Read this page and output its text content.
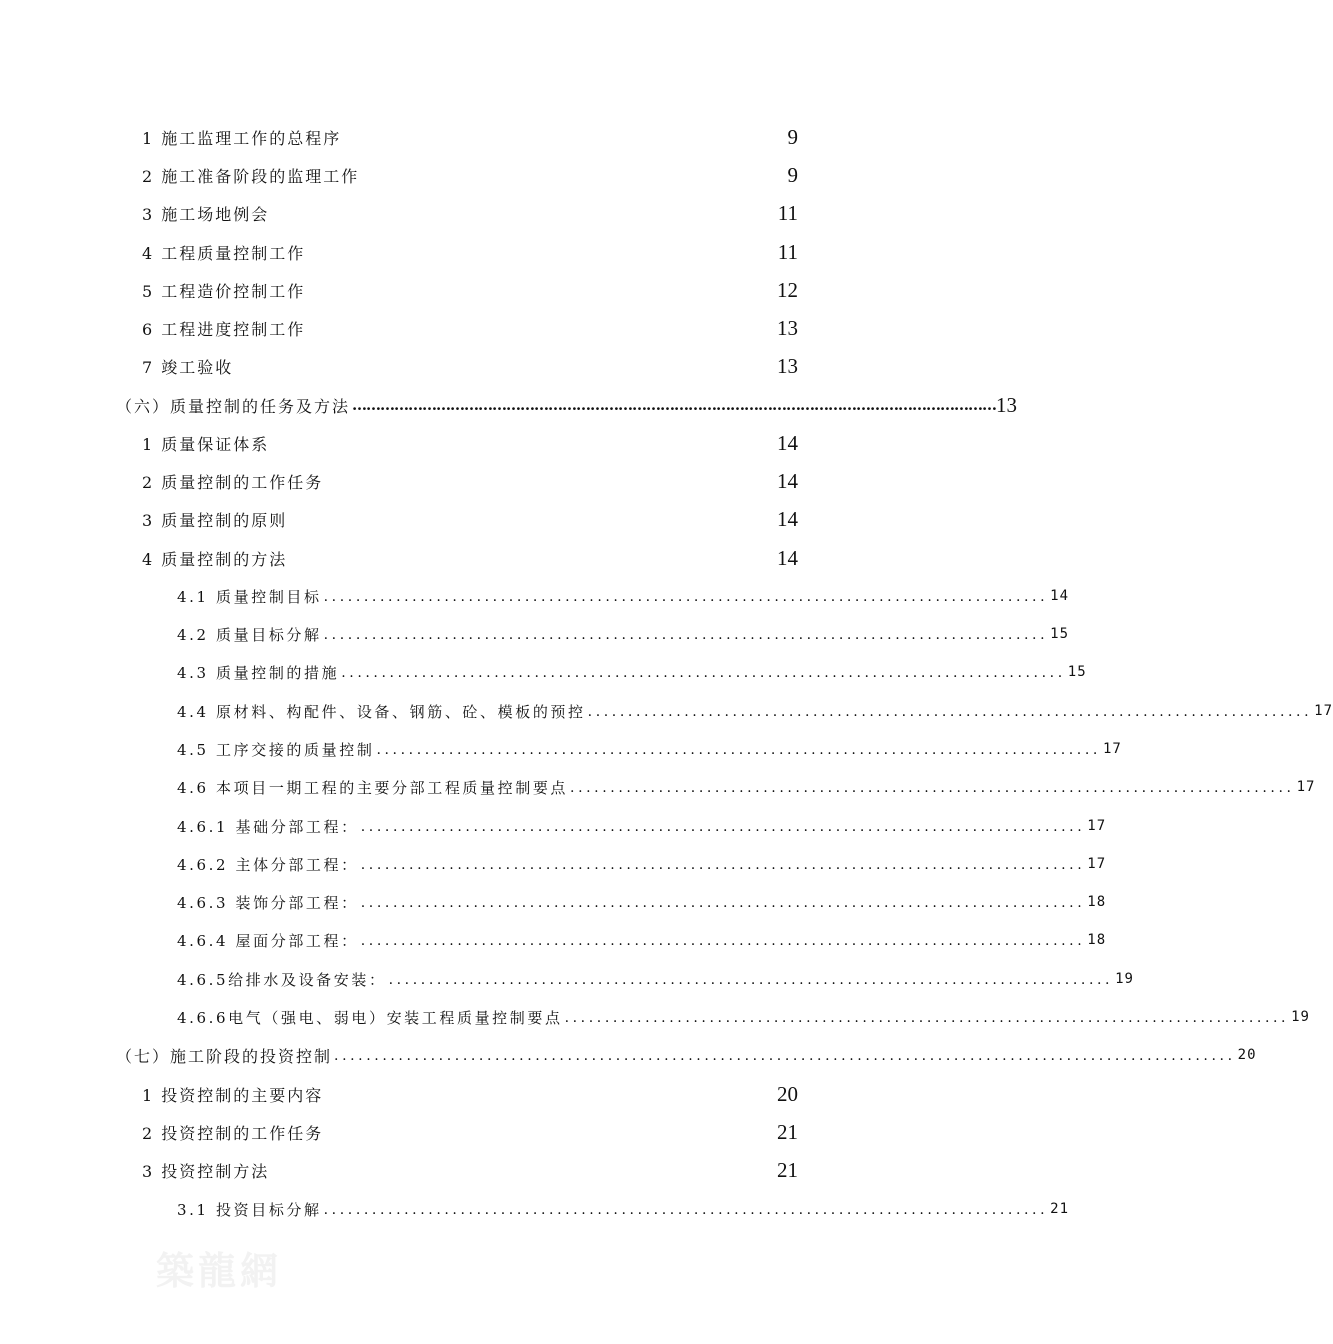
1 施工监理工作的总程序	9
2 施工准备阶段的监理工作	9
3 施工场地例会	11
4 工程质量控制工作	11
5 工程造价控制工作	12
6 工程进度控制工作	13
7 竣工验收	13
（六）质量控制的任务及方法 ………………………………………………………………………………………………………………………… 13
1 质量保证体系	14
2 质量控制的工作任务	14
3 质量控制的原则	14
4 质量控制的方法	14
4.1 质量控制目标 .......................................................................................... 14
4.2 质量目标分解 .......................................................................................... 15
4.3 质量控制的措施 .......................................................................................... 15
4.4 原材料、构配件、设备、钢筋、砼、模板的预控 .......................................................................................... 17
4.5 工序交接的质量控制 .......................................................................................... 17
4.6 本项目一期工程的主要分部工程质量控制要点 .......................................................................................... 17
4.6.1 基础分部工程： .......................................................................................... 17
4.6.2 主体分部工程： .......................................................................................... 17
4.6.3 装饰分部工程： .......................................................................................... 18
4.6.4 屋面分部工程： .......................................................................................... 18
4.6.5给排水及设备安装： .......................................................................................... 19
4.6.6电气（强电、弱电）安装工程质量控制要点 .......................................................................................... 19
（七）施工阶段的投资控制 ................................................................................................................ 20
1 投资控制的主要内容	20
2 投资控制的工作任务	21
3 投资控制方法	21
3.1 投资目标分解 .......................................................................................... 21
築龍網
